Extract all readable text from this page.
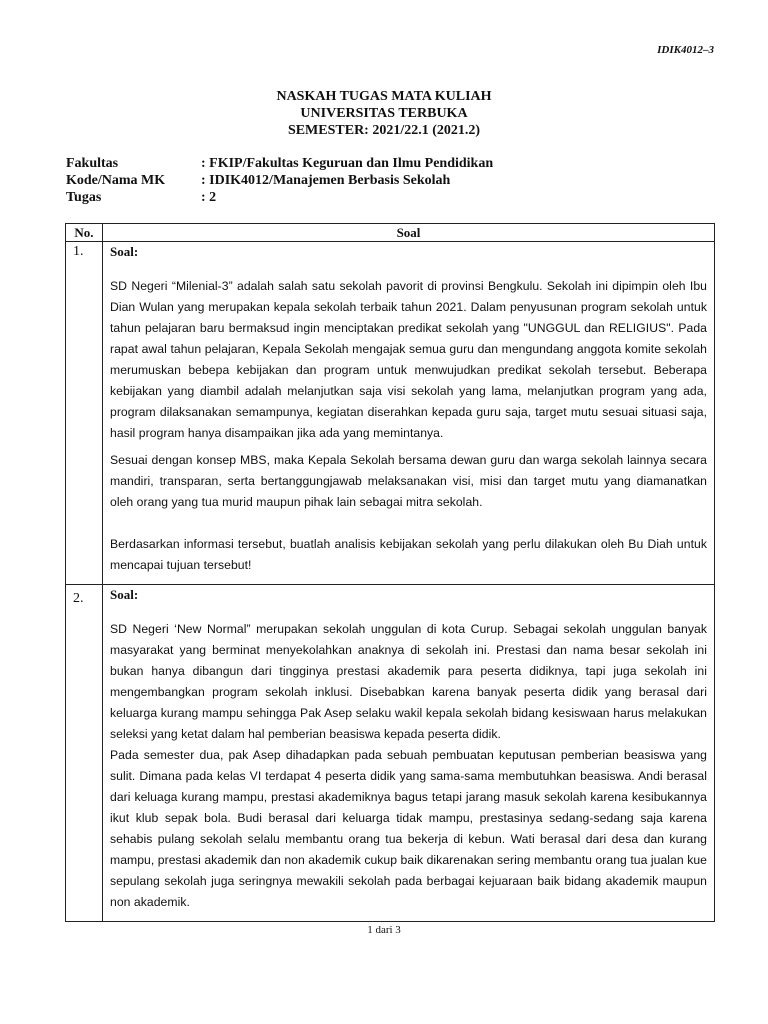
IDIK4012–3
NASKAH TUGAS MATA KULIAH
UNIVERSITAS TERBUKA
SEMESTER: 2021/22.1 (2021.2)
Fakultas	: FKIP/Fakultas Keguruan dan Ilmu Pendidikan
Kode/Nama MK	: IDIK4012/Manajemen Berbasis Sekolah
Tugas	: 2
No.	Soal
1.	Soal:

SD Negeri “Milenial-3” adalah salah satu sekolah pavorit di provinsi Bengkulu. Sekolah ini dipimpin oleh Ibu Dian Wulan yang merupakan kepala sekolah terbaik tahun 2021. Dalam penyusunan program sekolah untuk tahun pelajaran baru bermaksud ingin menciptakan predikat sekolah yang "UNGGUL dan RELIGIUS". Pada rapat awal tahun pelajaran, Kepala Sekolah mengajak semua guru dan mengundang anggota komite sekolah merumuskan bebepa kebijakan dan program untuk menwujudkan predikat sekolah tersebut. Beberapa kebijakan yang diambil adalah melanjutkan saja visi sekolah yang lama, melanjutkan program yang ada, program dilaksanakan semampunya, kegiatan diserahkan kepada guru saja, target mutu sesuai situasi saja, hasil program hanya disampaikan jika ada yang memintanya.

Sesuai dengan konsep MBS, maka Kepala Sekolah bersama dewan guru dan warga sekolah lainnya secara mandiri, transparan, serta bertanggungjawab melaksanakan visi, misi dan target mutu yang diamanatkan oleh orang yang tua murid maupun pihak lain sebagai mitra sekolah.

Berdasarkan informasi tersebut, buatlah analisis kebijakan sekolah yang perlu dilakukan oleh Bu Diah untuk mencapai tujuan tersebut!

2.	Soal:

SD Negeri ‘New Normal” merupakan sekolah unggulan di kota Curup. Sebagai sekolah unggulan banyak masyarakat yang berminat menyekolahkan anaknya di sekolah ini. Prestasi dan nama besar sekolah ini bukan hanya dibangun dari tingginya prestasi akademik para peserta didiknya, tapi juga sekolah ini mengembangkan program sekolah inklusi. Disebabkan karena banyak peserta didik yang berasal dari keluarga kurang mampu sehingga Pak Asep selaku wakil kepala sekolah bidang kesiswaan harus melakukan seleksi yang ketat dalam hal pemberian beasiswa kepada peserta didik.

Pada semester dua, pak Asep dihadapkan pada sebuah pembuatan keputusan pemberian beasiswa yang sulit. Dimana pada kelas VI terdapat 4 peserta didik yang sama-sama membutuhkan beasiswa. Andi berasal dari keluaga kurang mampu, prestasi akademiknya bagus tetapi jarang masuk sekolah karena kesibukannya ikut klub sepak bola. Budi berasal dari keluarga tidak mampu, prestasinya sedang-sedang saja karena sehabis pulang sekolah selalu membantu orang tua bekerja di kebun. Wati berasal dari desa dan kurang mampu, prestasi akademik dan non akademik cukup baik dikarenakan sering membantu orang tua jualan kue sepulang sekolah juga seringnya mewakili sekolah pada berbagai kejuaraan baik bidang akademik maupun non akademik.

1 dari 3
